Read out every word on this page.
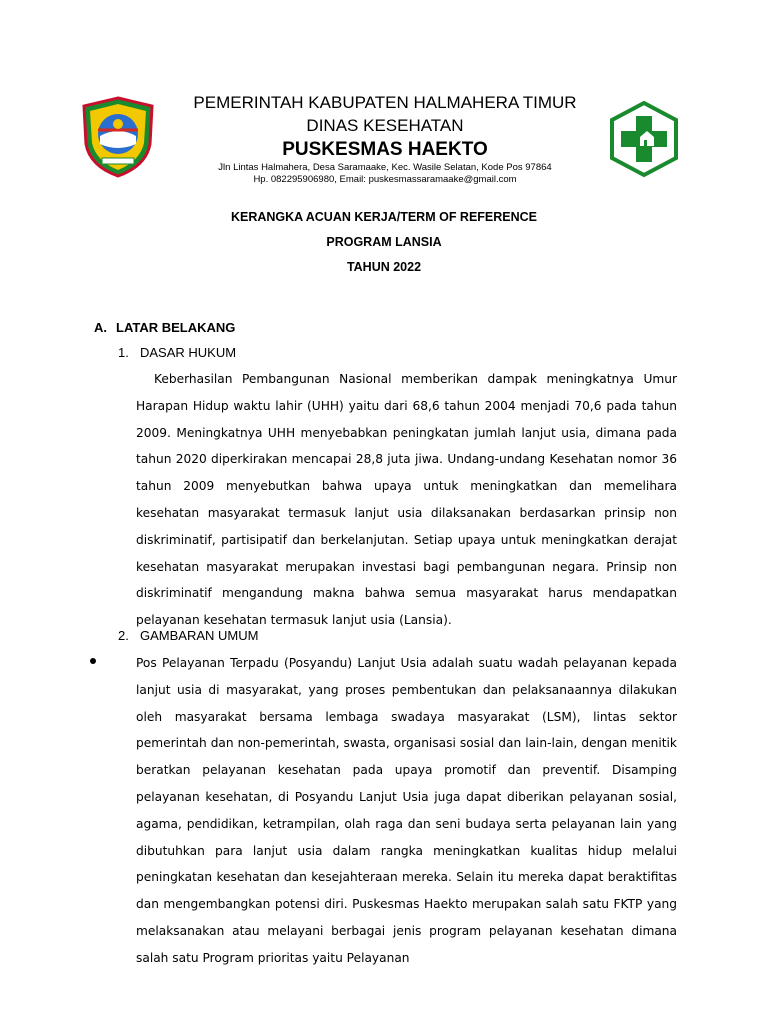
PEMERINTAH KABUPATEN HALMAHERA TIMUR
DINAS KESEHATAN
PUSKESMAS HAEKTO
Jln Lintas Halmahera, Desa Saramaake, Kec. Wasile Selatan, Kode Pos 97864
Hp. 082295906980, Email: puskesmassaramaake@gmail.com
KERANGKA ACUAN KERJA/TERM OF REFERENCE
PROGRAM LANSIA
TAHUN 2022
A. LATAR BELAKANG
1. DASAR HUKUM
Keberhasilan Pembangunan Nasional memberikan dampak meningkatnya Umur Harapan Hidup waktu lahir (UHH) yaitu dari 68,6 tahun 2004 menjadi 70,6 pada tahun 2009. Meningkatnya UHH menyebabkan peningkatan jumlah lanjut usia, dimana pada tahun 2020 diperkirakan mencapai 28,8 juta jiwa. Undang-undang Kesehatan nomor 36 tahun 2009 menyebutkan bahwa upaya untuk meningkatkan dan memelihara kesehatan masyarakat termasuk lanjut usia dilaksanakan berdasarkan prinsip non diskriminatif, partisipatif dan berkelanjutan. Setiap upaya untuk meningkatkan derajat kesehatan masyarakat merupakan investasi bagi pembangunan negara. Prinsip non diskriminatif mengandung makna bahwa semua masyarakat harus mendapatkan pelayanan kesehatan termasuk lanjut usia (Lansia).
2. GAMBARAN UMUM
Pos Pelayanan Terpadu (Posyandu) Lanjut Usia adalah suatu wadah pelayanan kepada lanjut usia di masyarakat, yang proses pembentukan dan pelaksanaannya dilakukan oleh masyarakat bersama lembaga swadaya masyarakat (LSM), lintas sektor pemerintah dan non-pemerintah, swasta, organisasi sosial dan lain-lain, dengan menitik beratkan pelayanan kesehatan pada upaya promotif dan preventif. Disamping pelayanan kesehatan, di Posyandu Lanjut Usia juga dapat diberikan pelayanan sosial, agama, pendidikan, ketrampilan, olah raga dan seni budaya serta pelayanan lain yang dibutuhkan para lanjut usia dalam rangka meningkatkan kualitas hidup melalui peningkatan kesehatan dan kesejahteraan mereka. Selain itu mereka dapat beraktifitas dan mengembangkan potensi diri. Puskesmas Haekto merupakan salah satu FKTP yang melaksanakan atau melayani berbagai jenis program pelayanan kesehatan dimana salah satu Program prioritas yaitu Pelayanan
